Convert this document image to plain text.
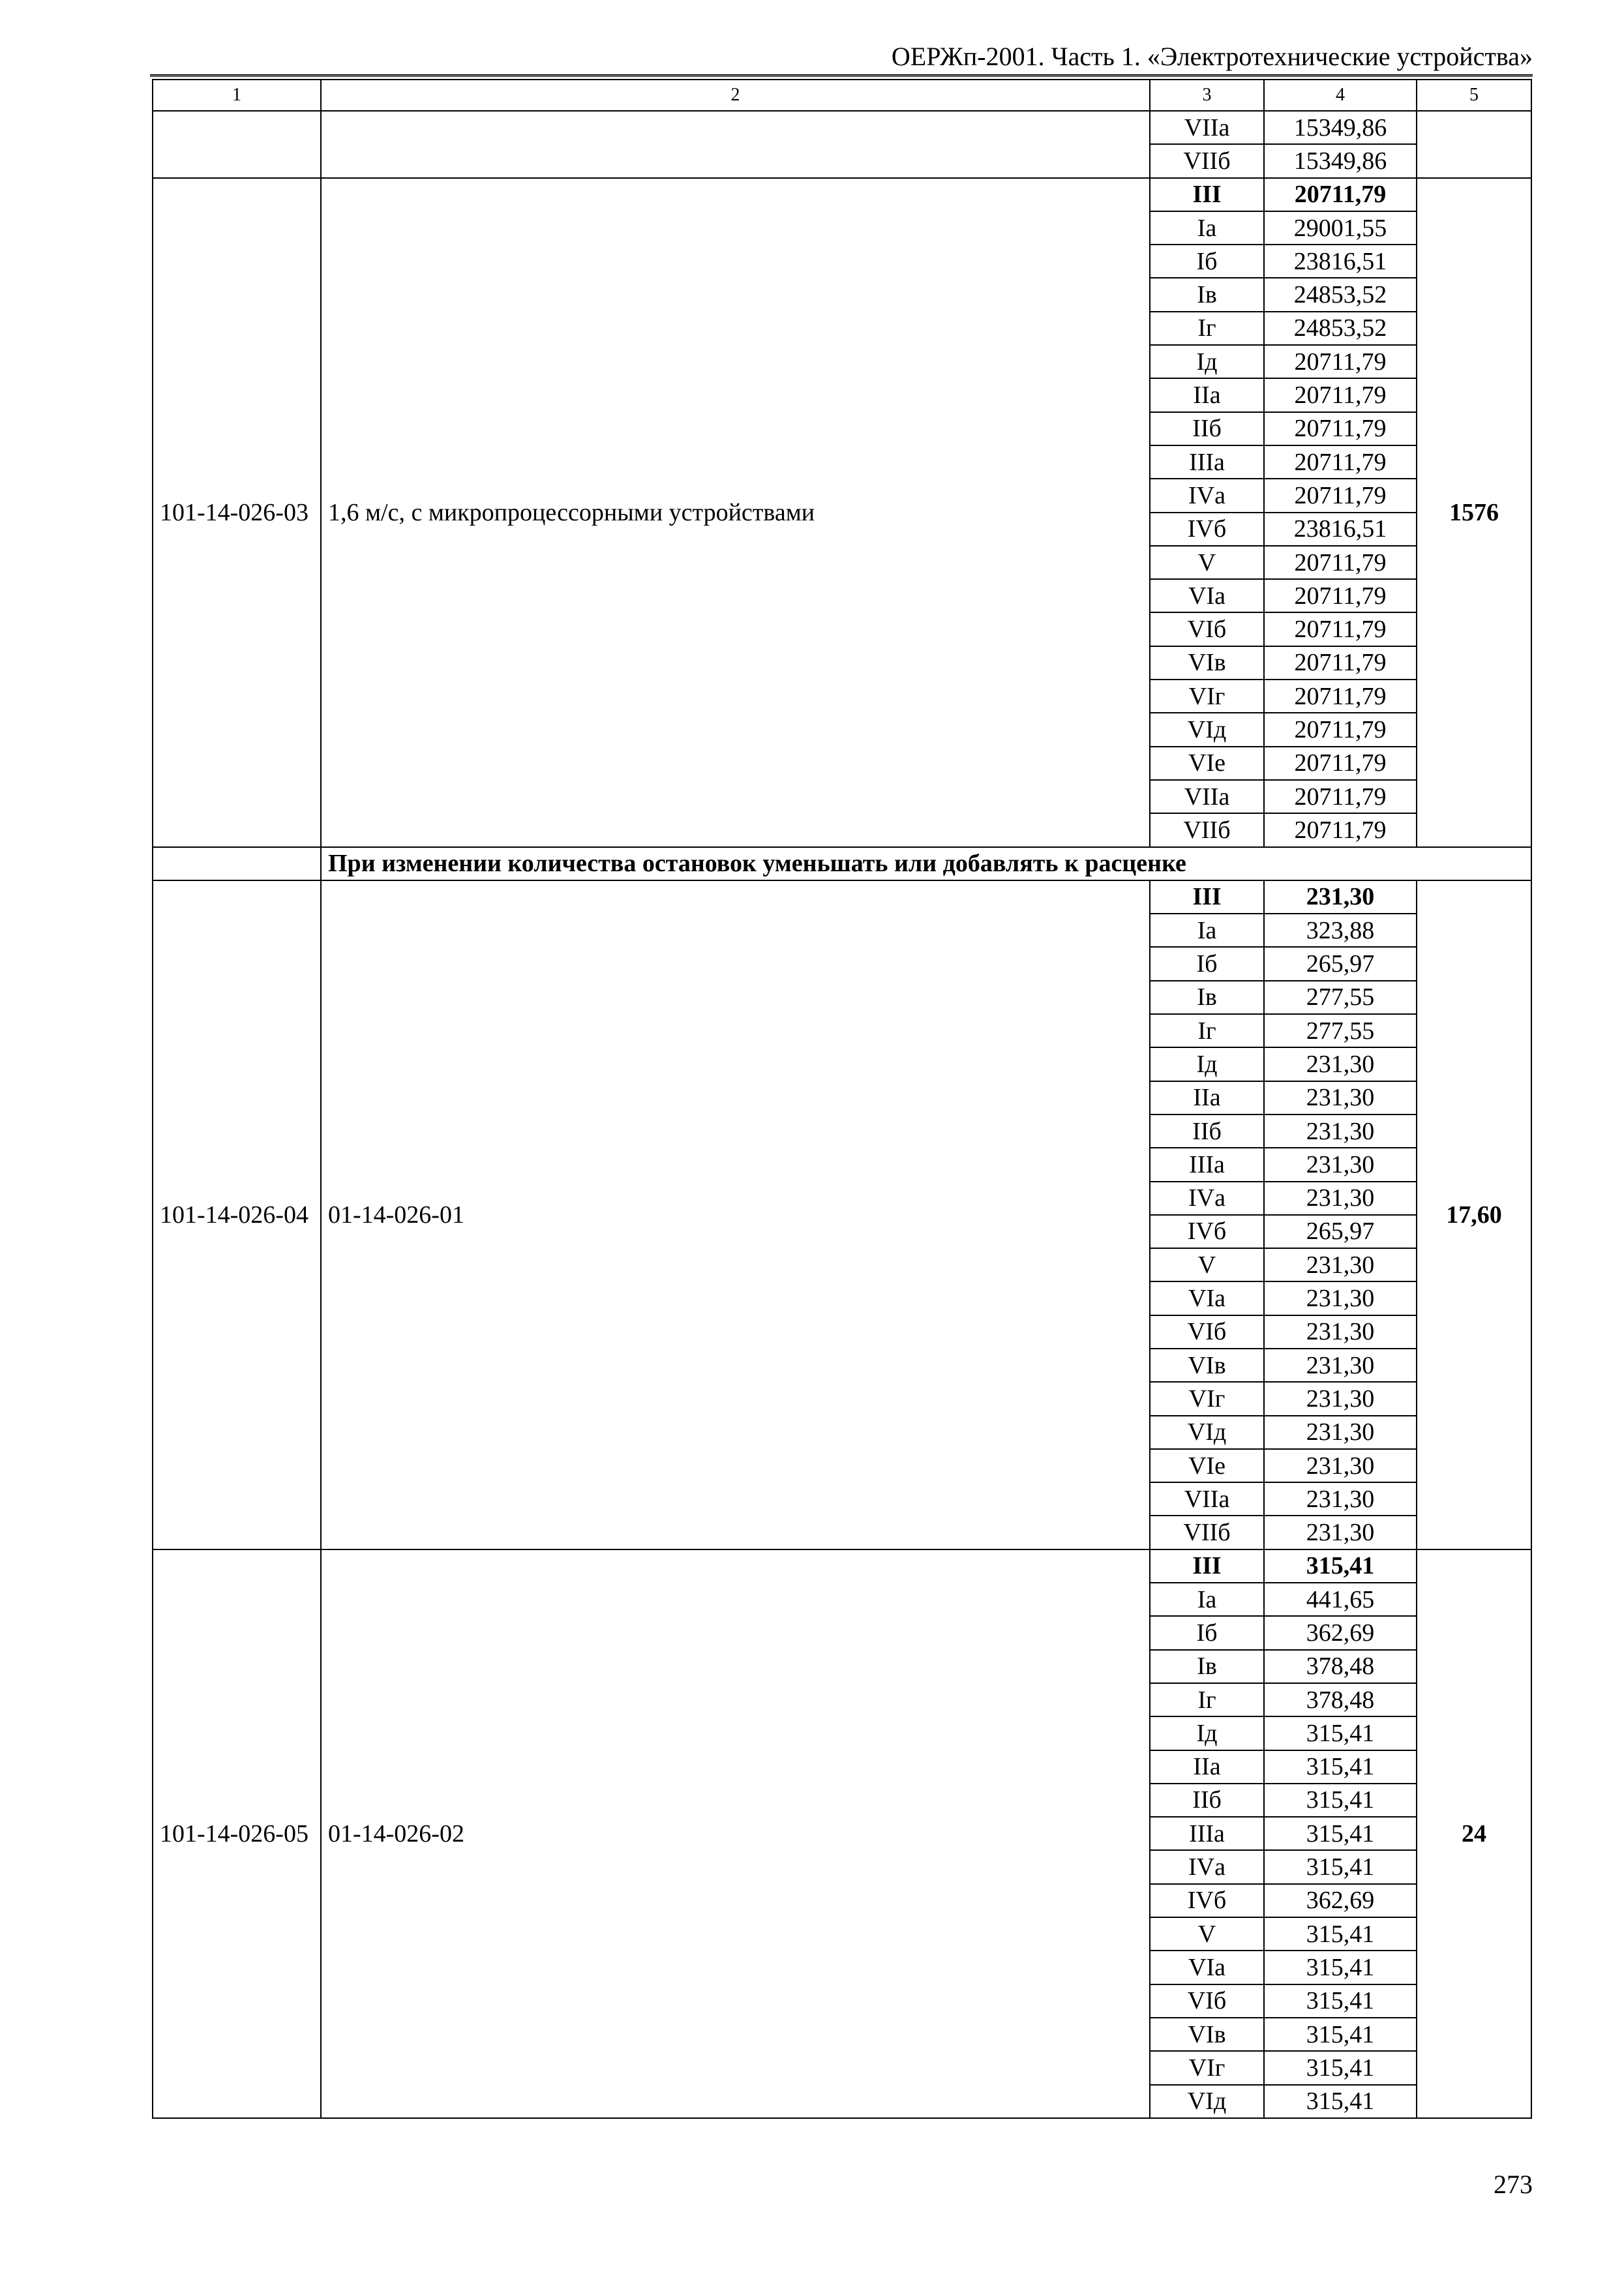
ОЕРЖп-2001. Часть 1. «Электротехнические устройства»
1	2	3	4	5
		VIIа	15349,86	
		VIIб	15349,86	
101-14-026-03	1,6 м/с, с микропроцессорными устройствами	III	20711,79	1576
		Iа	29001,55	
		Iб	23816,51	
		Iв	24853,52	
		Iг	24853,52	
		Iд	20711,79	
		IIа	20711,79	
		IIб	20711,79	
		IIIа	20711,79	
		IVа	20711,79	
		IVб	23816,51	
		V	20711,79	
		VIа	20711,79	
		VIб	20711,79	
		VIв	20711,79	
		VIг	20711,79	
		VIд	20711,79	
		VIе	20711,79	
		VIIа	20711,79	
		VIIб	20711,79	
	При изменении количества остановок уменьшать или добавлять к расценке			
101-14-026-04	01-14-026-01	III	231,30	17,60
		Iа	323,88	
		Iб	265,97	
		Iв	277,55	
		Iг	277,55	
		Iд	231,30	
		IIа	231,30	
		IIб	231,30	
		IIIа	231,30	
		IVа	231,30	
		IVб	265,97	
		V	231,30	
		VIа	231,30	
		VIб	231,30	
		VIв	231,30	
		VIг	231,30	
		VIд	231,30	
		VIе	231,30	
		VIIа	231,30	
		VIIб	231,30	
101-14-026-05	01-14-026-02	III	315,41	24
		Iа	441,65	
		Iб	362,69	
		Iв	378,48	
		Iг	378,48	
		Iд	315,41	
		IIа	315,41	
		IIб	315,41	
		IIIа	315,41	
		IVа	315,41	
		IVб	362,69	
		V	315,41	
		VIа	315,41	
		VIб	315,41	
		VIв	315,41	
		VIг	315,41	
		VIд	315,41	
273
